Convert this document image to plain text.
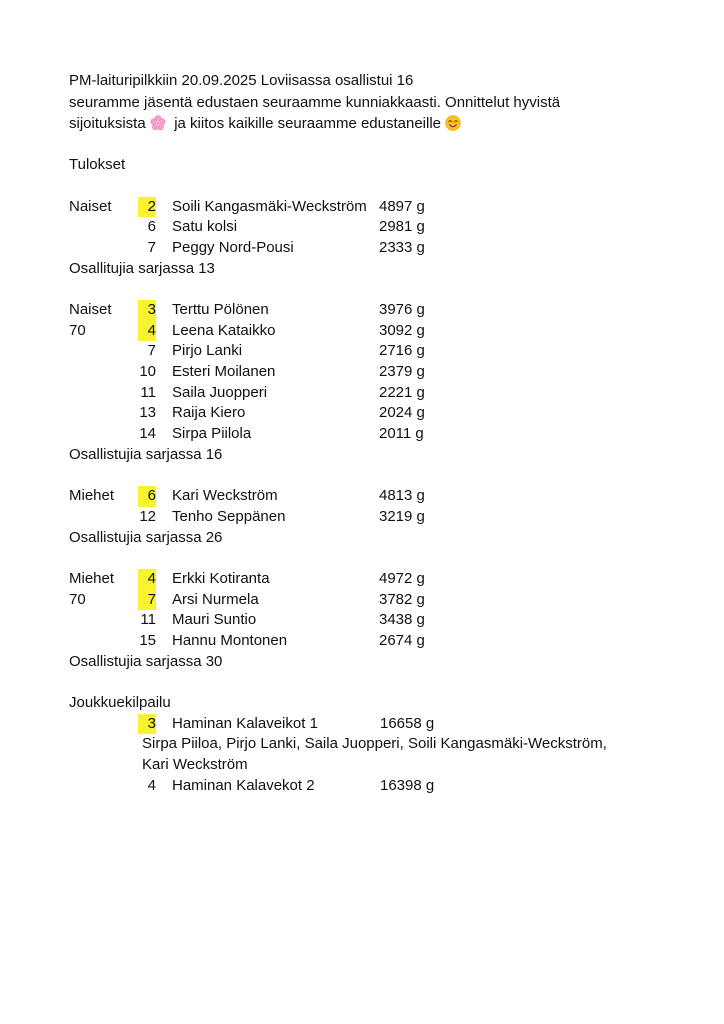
PM-laituripilkkiin 20.09.2025 Loviisassa osallistui 16
seuramme jäsentä edustaen seuraamme kunniakkaasti. Onnittelut hyvistä
sijoituksista ja kiitos kaikille seuraamme edustaneille
Tulokset
Naiset	2 Soili Kangasmäki-Weckström 4897 g
6 Satu kolsi	2981 g
7 Peggy Nord-Pousi	2333 g
Osallitujia sarjassa 13
Naiset	3 Terttu Pölönen	3976 g
70	4 Leena Kataikko	3092 g
7 Pirjo Lanki	2716 g
10 Esteri Moilanen	2379 g
11 Saila Juopperi	2221 g
13 Raija Kiero	2024 g
14 Sirpa Piilola	2011 g
Osallistujia sarjassa 16
Miehet	6 Kari Weckström	4813 g
12 Tenho Seppänen	3219 g
Osallistujia sarjassa 26
Miehet	4 Erkki Kotiranta	4972 g
70	7 Arsi Nurmela	3782 g
11 Mauri Suntio	3438 g
15 Hannu Montonen	2674 g
Osallistujia sarjassa 30
Joukkuekilpailu
3 Haminan Kalaveikot 1	16658 g
Sirpa Piiloa, Pirjo Lanki, Saila Juopperi, Soili Kangasmäki-Weckström,
Kari Weckström
4 Haminan Kalavekot 2	16398 g
